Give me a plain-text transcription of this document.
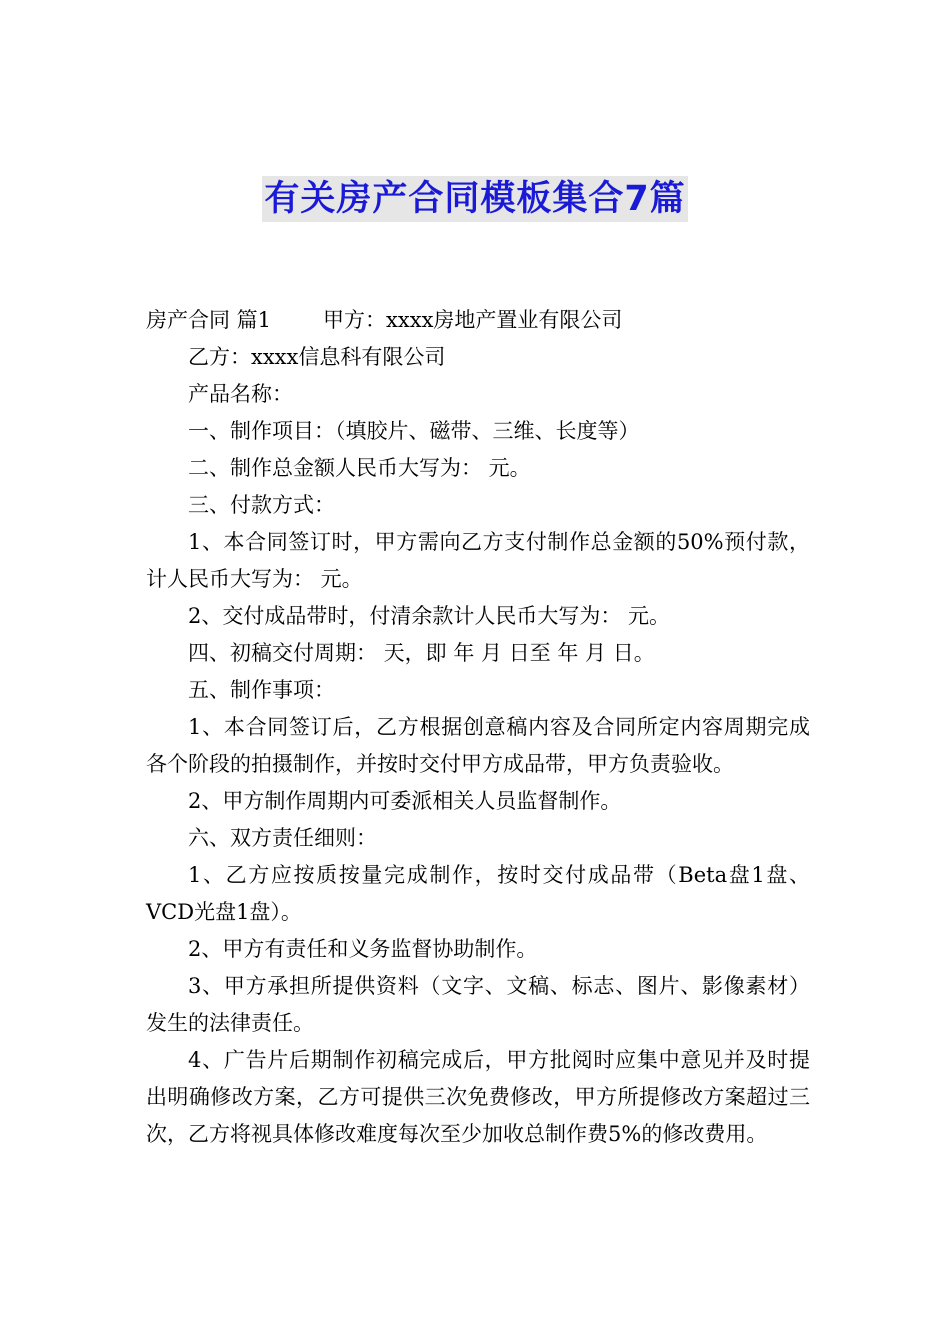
有关房产合同模板集合7篇

房产合同 篇1 甲方：xxxx房地产置业有限公司

乙方：xxxx信息科有限公司

产品名称：

一、制作项目：（填胶片、磁带、三维、长度等）

二、制作总金额人民币大写为： 元。

三、付款方式：

1、本合同签订时，甲方需向乙方支付制作总金额的50%预付款，计人民币大写为： 元。

2、交付成品带时，付清余款计人民币大写为： 元。

四、初稿交付周期： 天，即 年 月 日至 年 月 日。

五、制作事项：

1、本合同签订后，乙方根据创意稿内容及合同所定内容周期完成各个阶段的拍摄制作，并按时交付甲方成品带，甲方负责验收。

2、甲方制作周期内可委派相关人员监督制作。

六、双方责任细则：

1、乙方应按质按量完成制作，按时交付成品带（Beta盘1盘、VCD光盘1盘）。

2、甲方有责任和义务监督协助制作。

3、甲方承担所提供资料（文字、文稿、标志、图片、影像素材）发生的法律责任。

4、广告片后期制作初稿完成后，甲方批阅时应集中意见并及时提出明确修改方案，乙方可提供三次免费修改，甲方所提修改方案超过三次，乙方将视具体修改难度每次至少加收总制作费5%的修改费用。
